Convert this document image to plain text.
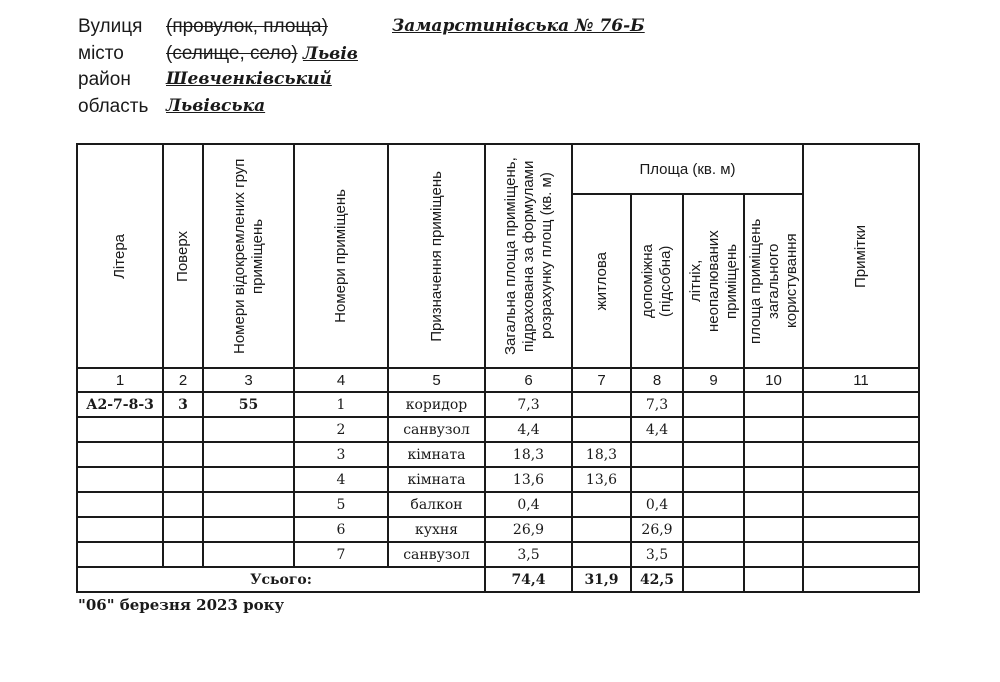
Вулиця (провулок, площа)	Замарстинівська № 76-Б
місто (селище, село) Львів
район Шевченківський
область Львівська
Літера	Поверх	Номери відокремлених груп приміщень	Номери приміщень	Призначення приміщень	Загальна площа приміщень, підрахована за формулами розрахунку площ (кв. м)	Площа (кв. м)				Примітки

						житлова	допоміжна (підсобна)	літніх, неопалюваних приміщень	площа приміщень загального користування	

1	2	3	4	5	6	7	8	9	10	11
А2-7-8-3	3	55	1	коридор	7,3		7,3			
			2	санвузол	4,4		4,4			
			3	кімната	18,3	18,3				
			4	кімната	13,6	13,6				
			5	балкон	0,4		0,4			
			6	кухня	26,9		26,9			
			7	санвузол	3,5		3,5			
Усього:					74,4	31,9	42,5			
"06" березня 2023 року
